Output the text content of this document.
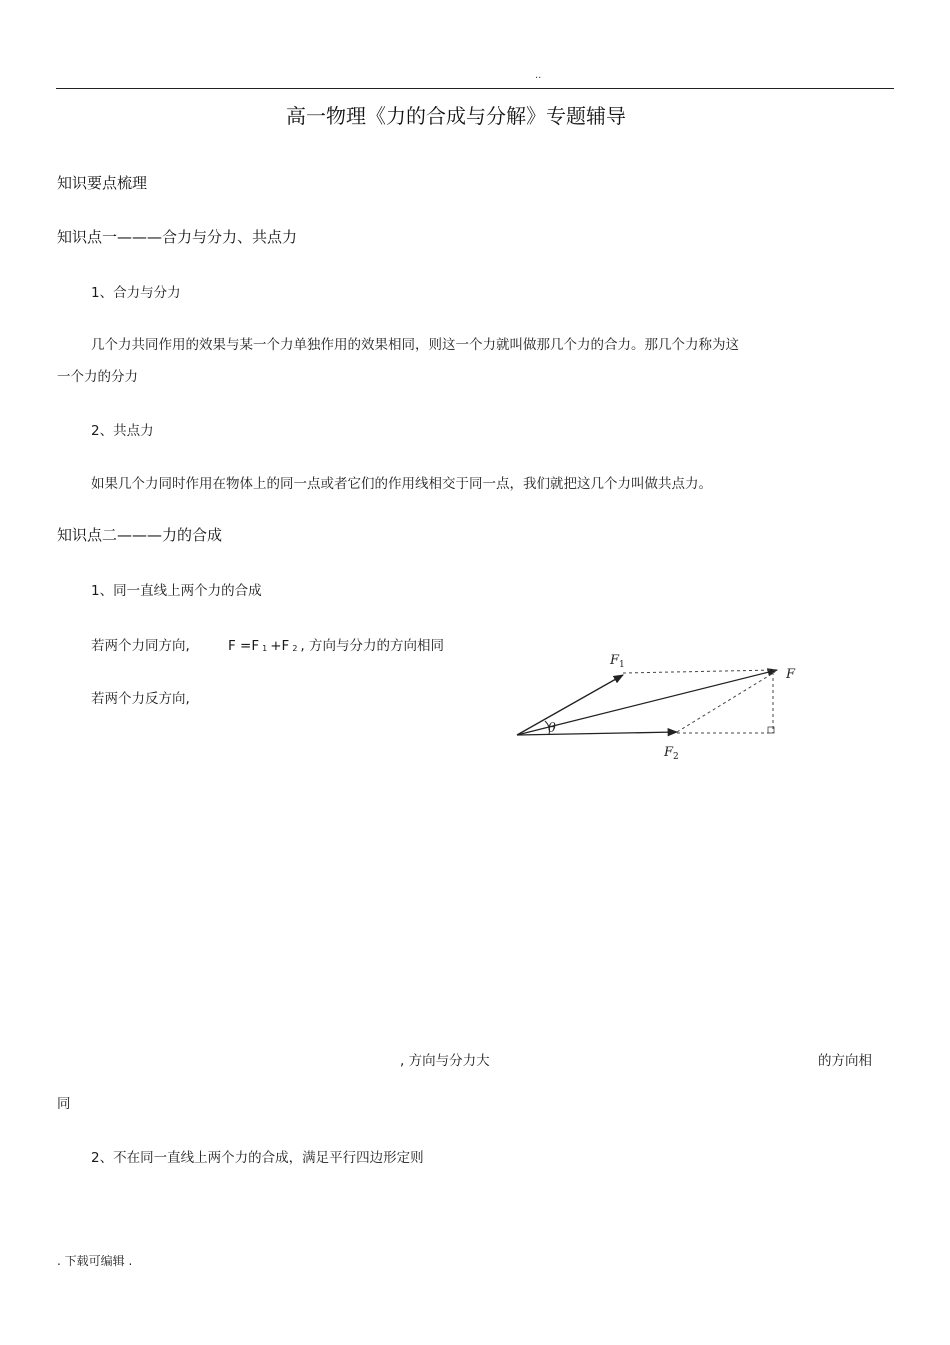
..
高一物理《力的合成与分解》专题辅导
知识要点梳理
知识点一———合力与分力、共点力
1、合力与分力
几个力共同作用的效果与某一个力单独作用的效果相同，则这一个力就叫做那几个力的合力。那几个力称为这
一个力的分力
2、共点力
如果几个力同时作用在物体上的同一点或者它们的作用线相交于同一点，我们就把这几个力叫做共点力。
知识点二———力的合成
1、同一直线上两个力的合成
若两个力同方向,	F =F $_1$ +F $_2$ , 方向与分力的方向相同
若两个力反方向,
F 1
F 2
F
θ
, 方向与分力大	的方向相
同
2、不在同一直线上两个力的合成，满足平行四边形定则
. 下载可编辑 .
